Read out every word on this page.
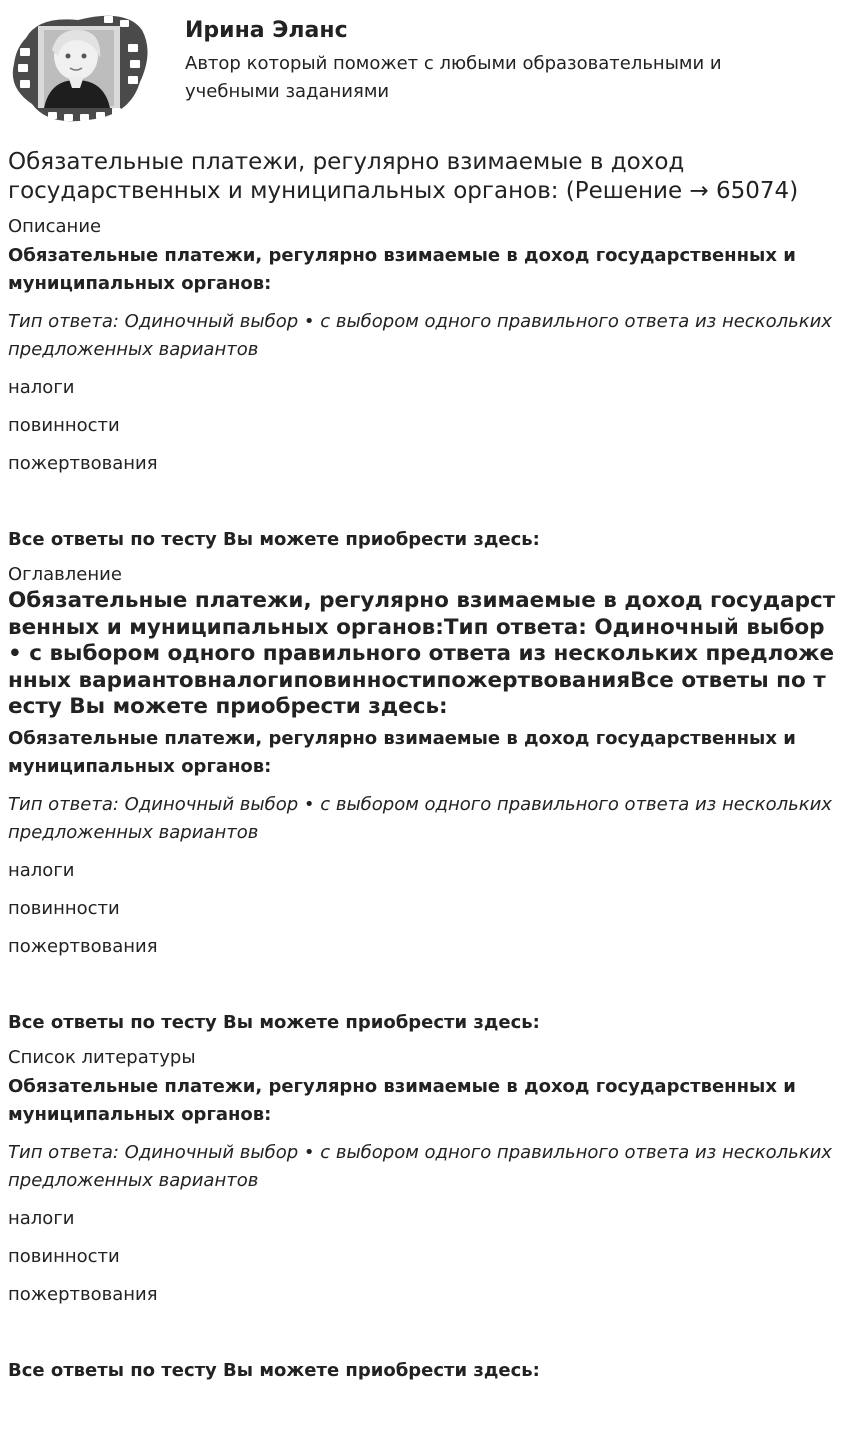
Ирина Эланс

Автор который поможет с любыми образовательными и учебными заданиями

Обязательные платежи, регулярно взимаемые в доход государственных и муниципальных органов: (Решение → 65074)
Описание

Обязательные платежи, регулярно взимаемые в доход государственных и муниципальных органов:

Тип ответа: Одиночный выбор • с выбором одного правильного ответа из нескольких предложенных вариантов

налоги

повинности

пожертвования

Все ответы по тесту Вы можете приобрести здесь:

Оглавление

Обязательные платежи, регулярно взимаемые в доход государственных и муниципальных органов:Тип ответа: Одиночный выбор • с выбором одного правильного ответа из нескольких предложенных вариантовналогиповинностипожертвованияВсе ответы по тесту Вы можете приобрести здесь:

Обязательные платежи, регулярно взимаемые в доход государственных и муниципальных органов:

Тип ответа: Одиночный выбор • с выбором одного правильного ответа из нескольких предложенных вариантов

налоги

повинности

пожертвования

Все ответы по тесту Вы можете приобрести здесь:

Список литературы

Обязательные платежи, регулярно взимаемые в доход государственных и муниципальных органов:

Тип ответа: Одиночный выбор • с выбором одного правильного ответа из нескольких предложенных вариантов

налоги

повинности

пожертвования

Все ответы по тесту Вы можете приобрести здесь:
